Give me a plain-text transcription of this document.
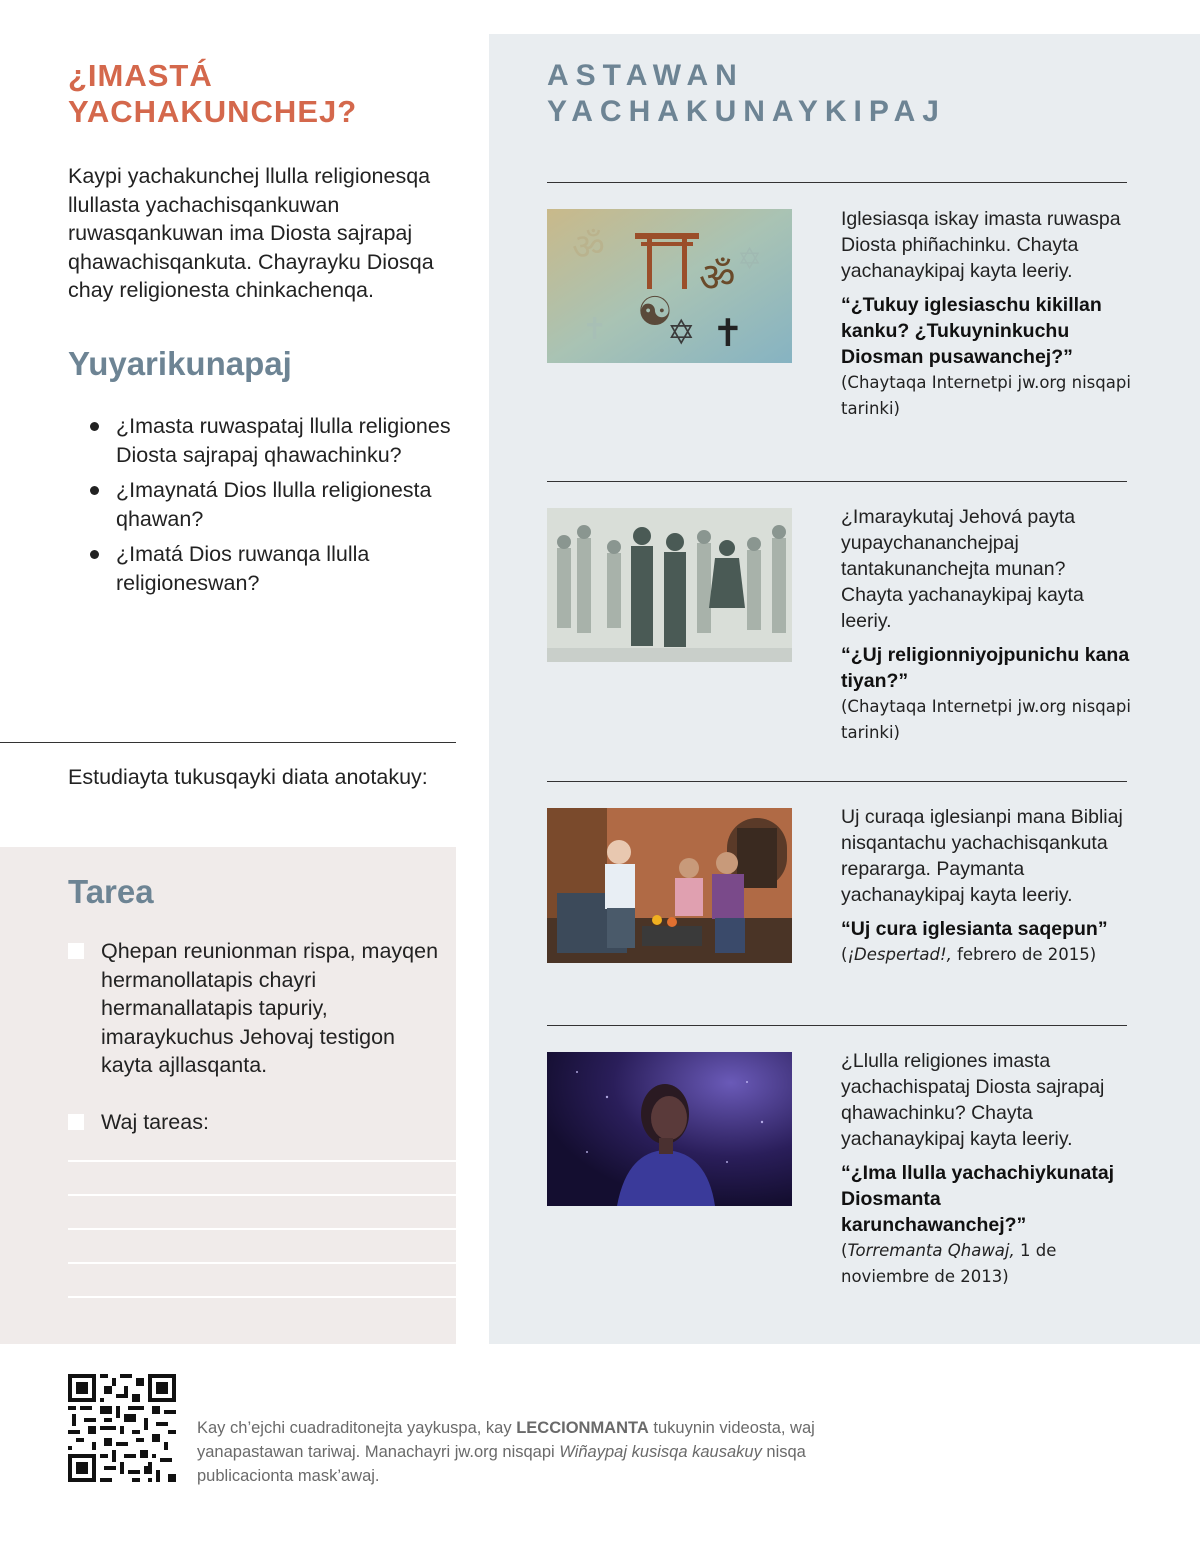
¿IMASTÁ
YACHAKUNCHEJ?

Kaypi yachakunchej llulla religionesqa llullasta yachachisqankuwan ruwasqankuwan ima Diosta sajrapaj qhawachisqankuta. Chayrayku Diosqa chay religionesta chinkachenqa.

Yuyarikunapaj
¿Imasta ruwaspataj llulla religiones Diosta sajrapaj qhawachinku?
¿Imaynatá Dios llulla religionesta qhawan?
¿Imatá Dios ruwanqa llulla religioneswan?

Estudiayta tukusqayki diata anotakuy:

Tarea
Qhepan reunionman rispa, mayqen hermanollatapis chayri hermanallatapis tapuriy, imaraykuchus Jehovaj testigon kayta ajllasqanta.
Waj tareas:
ASTAWAN
YACHAKUNAYKIPAJ
ॐ	✡
✝
ॐ
☯
✡ ✝
Iglesiasqa iskay imasta ruwaspa Diosta phiñachinku. Chayta yachanaykipaj kayta leeriy.
“¿Tukuy iglesiaschu kikillan kanku? ¿Tukuyninkuchu Diosman pusawanchej?”
(Chaytaqa Internetpi jw.org nisqapi tarinki)
¿Imaraykutaj Jehová payta yupaychananchejpaj tantakunanchejta munan? Chayta yachanaykipaj kayta leeriy.
“¿Uj religionniyojpunichu kana tiyan?”
(Chaytaqa Internetpi jw.org nisqapi tarinki)
Uj curaqa iglesianpi mana Bibliaj nisqantachu yachachisqankuta reparargа. Paymanta yachanaykipaj kayta leeriy.
“Uj cura iglesianta saqepun”
(¡Despertad!, febrero de 2015)
¿Llulla religiones imasta yachachispataj Diosta sajrapaj qhawachinku? Chayta yachanaykipaj kayta leeriy.
“¿Ima llulla yachachiykunataj Diosmanta karunchawanchej?”
(Torremanta Qhawaj, 1 de noviembre de 2013)

Kay ch’ejchi cuadraditonejta yaykuspa, kay LECCIONMANTA tukuynin videosta, waj yanapastawan tariwaj. Manachayri jw.org nisqapi Wiñaypaj kusisqa kausakuy nisqa publicacionta mask’awaj.
